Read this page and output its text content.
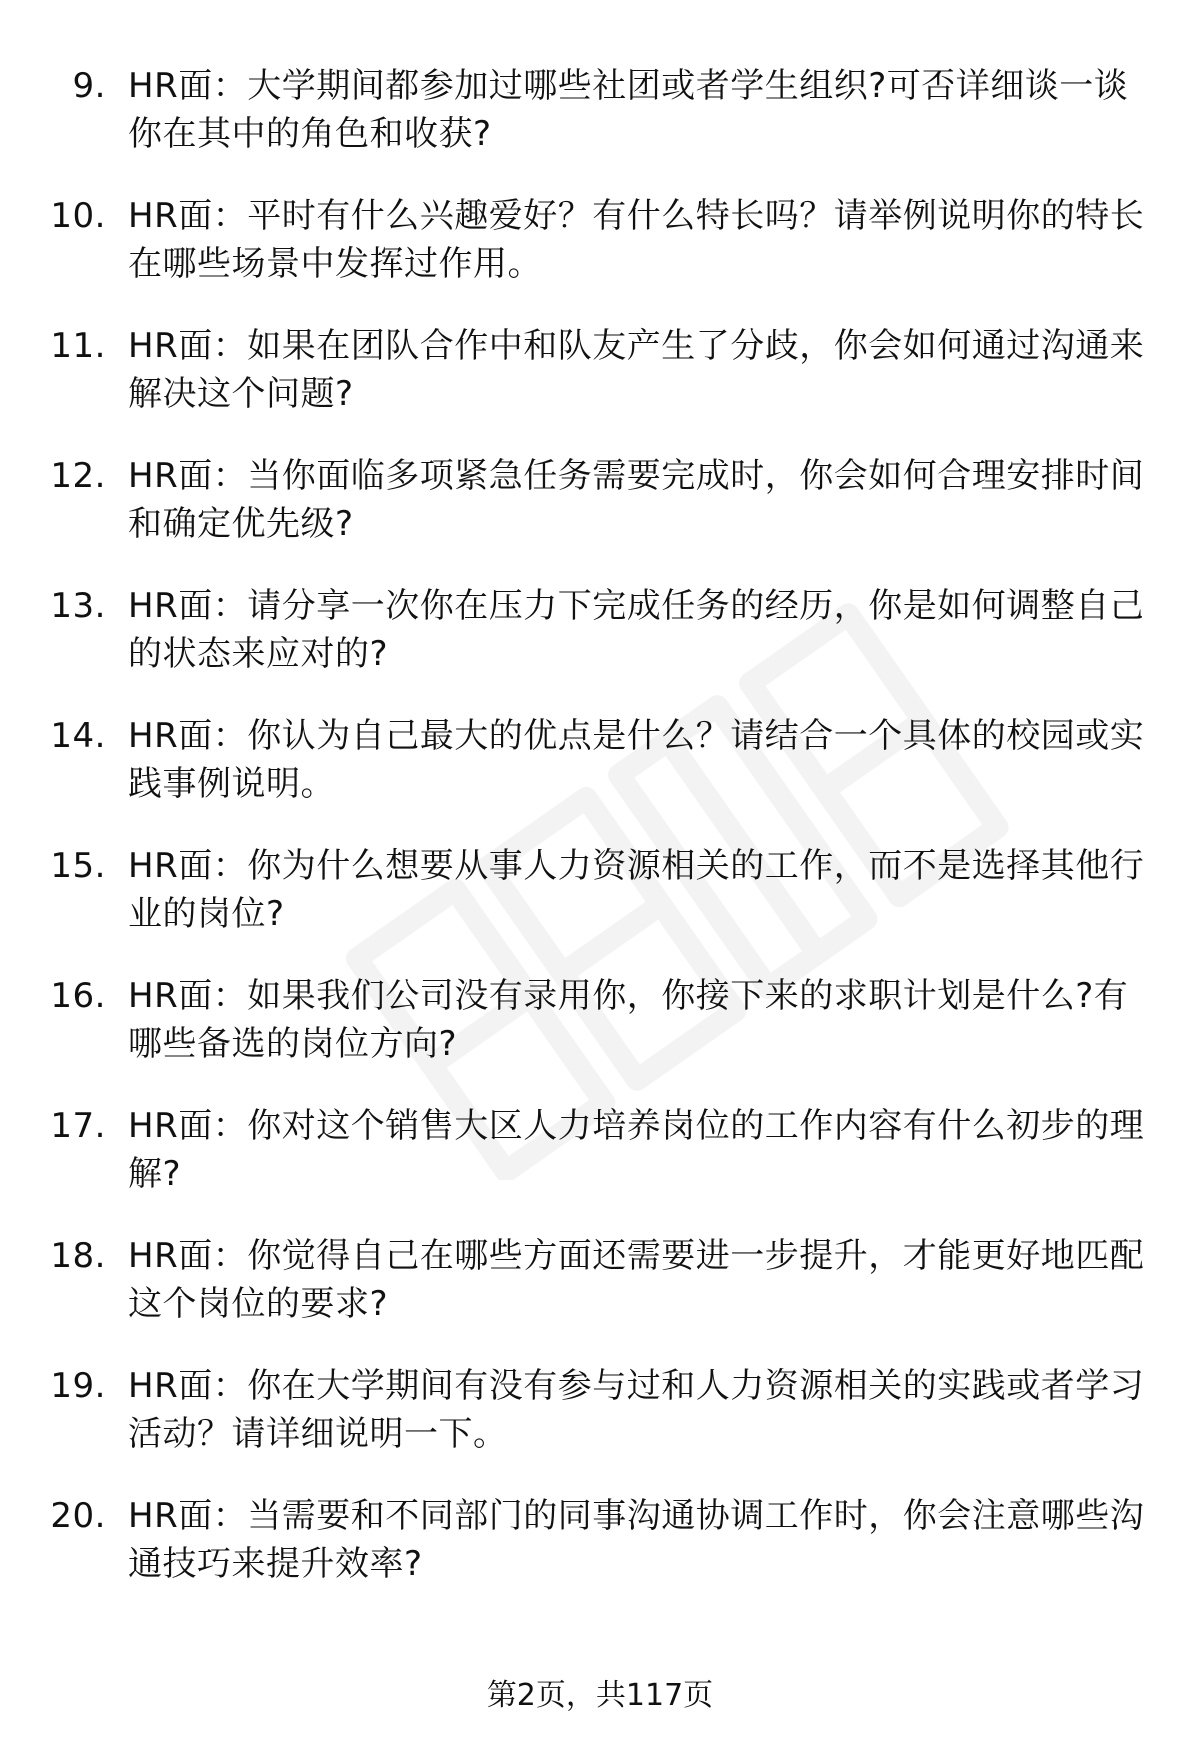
9. HR面：大学期间都参加过哪些社团或者学生组织?可否详细谈一谈你在其中的角色和收获?
10. HR面：平时有什么兴趣爱好？有什么特长吗？请举例说明你的特长在哪些场景中发挥过作用。
11. HR面：如果在团队合作中和队友产生了分歧，你会如何通过沟通来解决这个问题?
12. HR面：当你面临多项紧急任务需要完成时，你会如何合理安排时间和确定优先级?
13. HR面：请分享一次你在压力下完成任务的经历，你是如何调整自己的状态来应对的?
14. HR面：你认为自己最大的优点是什么？请结合一个具体的校园或实践事例说明。
15. HR面：你为什么想要从事人力资源相关的工作，而不是选择其他行业的岗位?
16. HR面：如果我们公司没有录用你，你接下来的求职计划是什么?有哪些备选的岗位方向?
17. HR面：你对这个销售大区人力培养岗位的工作内容有什么初步的理解?
18. HR面：你觉得自己在哪些方面还需要进一步提升，才能更好地匹配这个岗位的要求?
19. HR面：你在大学期间有没有参与过和人力资源相关的实践或者学习活动？请详细说明一下。
20. HR面：当需要和不同部门的同事沟通协调工作时，你会注意哪些沟通技巧来提升效率?
第2页，共117页
